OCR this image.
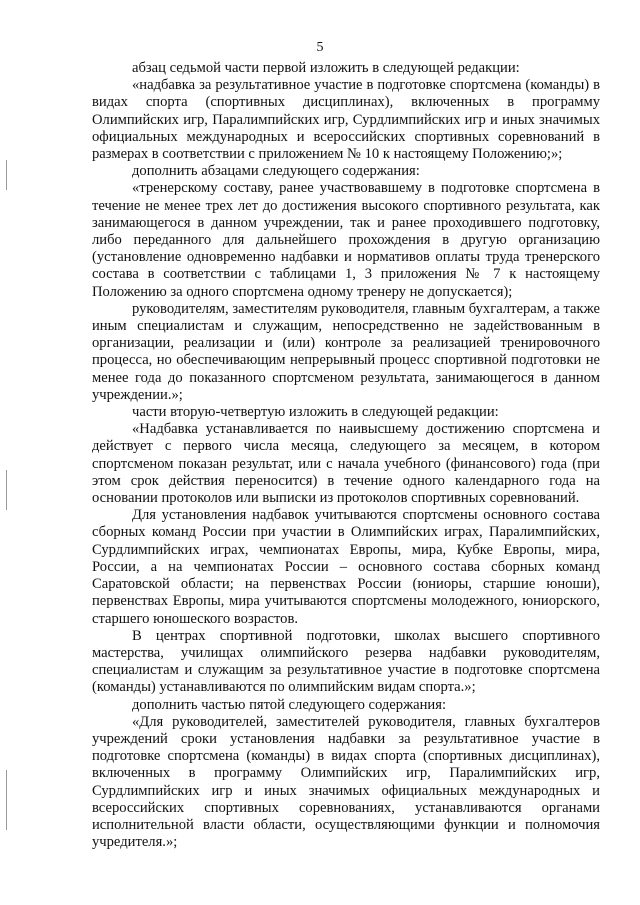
5

абзац седьмой части первой изложить в следующей редакции:

«надбавка за результативное участие в подготовке спортсмена (команды) в видах спорта (спортивных дисциплинах), включенных в программу Олимпийских игр, Паралимпийских игр, Сурдлимпийских игр и иных значимых официальных международных и всероссийских спортивных соревнований в размерах в соответствии с приложением № 10 к настоящему Положению;»;

дополнить абзацами следующего содержания:

«тренерскому составу, ранее участвовавшему в подготовке спортсмена в течение не менее трех лет до достижения высокого спортивного результата, как занимающегося в данном учреждении, так и ранее проходившего подготовку, либо переданного для дальнейшего прохождения в другую организацию (установление одновременно надбавки и нормативов оплаты труда тренерского состава в соответствии с таблицами 1, 3 приложения № 7 к настоящему Положению за одного спортсмена одному тренеру не допускается);

руководителям, заместителям руководителя, главным бухгалтерам, а также иным специалистам и служащим, непосредственно не задействованным в организации, реализации и (или) контроле за реализацией тренировочного процесса, но обеспечивающим непрерывный процесс спортивной подготовки не менее года до показанного спортсменом результата, занимающегося в данном учреждении.»;

части вторую-четвертую изложить в следующей редакции:

«Надбавка устанавливается по наивысшему достижению спортсмена и действует с первого числа месяца, следующего за месяцем, в котором спортсменом показан результат, или с начала учебного (финансового) года (при этом срок действия переносится) в течение одного календарного года на основании протоколов или выписки из протоколов спортивных соревнований.

Для установления надбавок учитываются спортсмены основного состава сборных команд России при участии в Олимпийских играх, Паралимпийских, Сурдлимпийских играх, чемпионатах Европы, мира, Кубке Европы, мира, России, а на чемпионатах России – основного состава сборных команд Саратовской области; на первенствах России (юниоры, старшие юноши), первенствах Европы, мира учитываются спортсмены молодежного, юниорского, старшего юношеского возрастов.

В центрах спортивной подготовки, школах высшего спортивного мастерства, училищах олимпийского резерва надбавки руководителям, специалистам и служащим за результативное участие в подготовке спортсмена (команды) устанавливаются по олимпийским видам спорта.»;

дополнить частью пятой следующего содержания:

«Для руководителей, заместителей руководителя, главных бухгалтеров учреждений сроки установления надбавки за результативное участие в подготовке спортсмена (команды) в видах спорта (спортивных дисциплинах), включенных в программу Олимпийских игр, Паралимпийских игр, Сурдлимпийских игр и иных значимых официальных международных и всероссийских спортивных соревнованиях, устанавливаются органами исполнительной власти области, осуществляющими функции и полномочия учредителя.»;
